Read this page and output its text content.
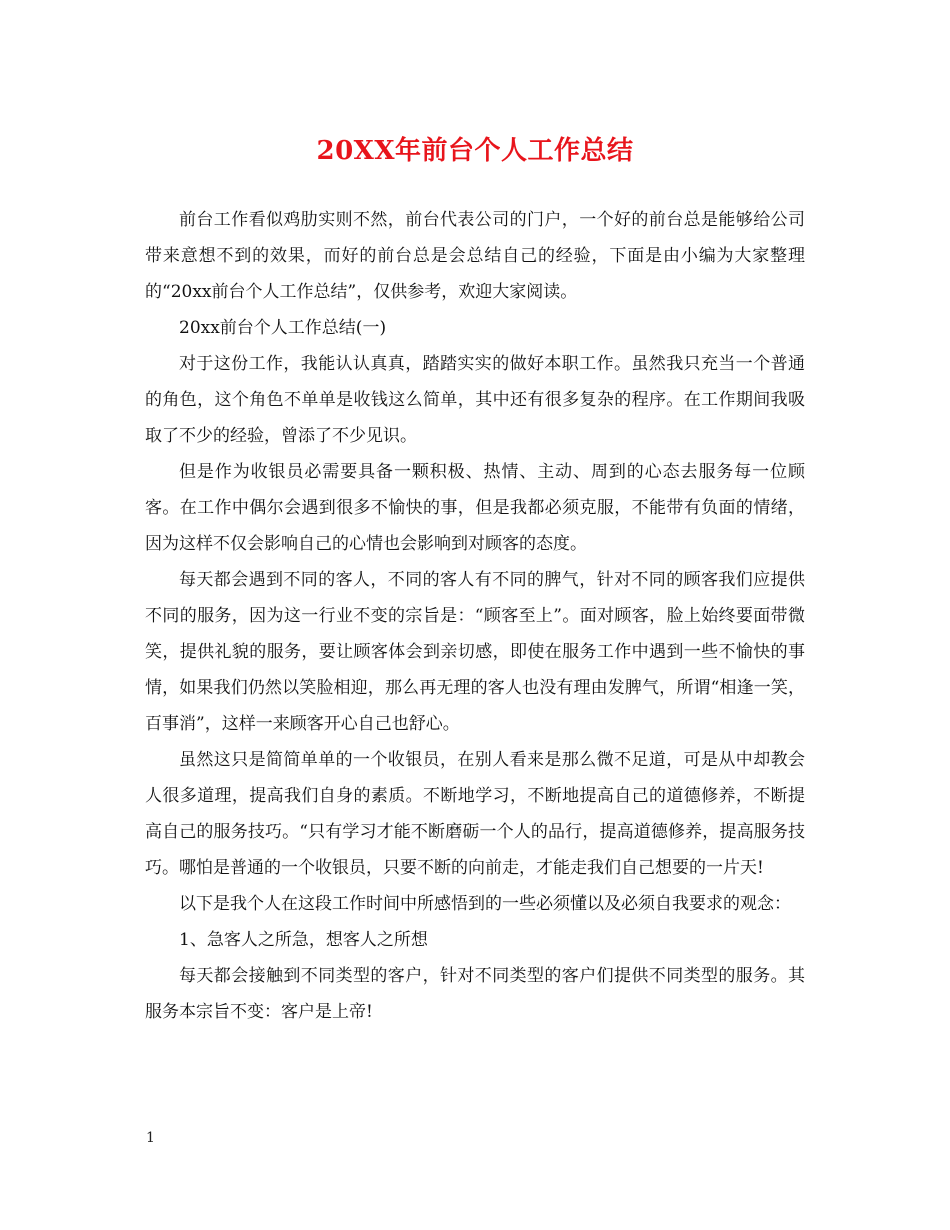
20XX年前台个人工作总结

前台工作看似鸡肋实则不然，前台代表公司的门户，一个好的前台总是能够给公司带来意想不到的效果，而好的前台总是会总结自己的经验，下面是由小编为大家整理的“20xx前台个人工作总结”，仅供参考，欢迎大家阅读。

20xx前台个人工作总结(一)

对于这份工作，我能认认真真，踏踏实实的做好本职工作。虽然我只充当一个普通的角色，这个角色不单单是收钱这么简单，其中还有很多复杂的程序。在工作期间我吸取了不少的经验，曾添了不少见识。

但是作为收银员必需要具备一颗积极、热情、主动、周到的心态去服务每一位顾客。在工作中偶尔会遇到很多不愉快的事，但是我都必须克服，不能带有负面的情绪，因为这样不仅会影响自己的心情也会影响到对顾客的态度。

每天都会遇到不同的客人，不同的客人有不同的脾气，针对不同的顾客我们应提供不同的服务，因为这一行业不变的宗旨是：“顾客至上”。面对顾客，脸上始终要面带微笑，提供礼貌的服务，要让顾客体会到亲切感，即使在服务工作中遇到一些不愉快的事情，如果我们仍然以笑脸相迎，那么再无理的客人也没有理由发脾气，所谓“相逢一笑，百事消”，这样一来顾客开心自己也舒心。

虽然这只是简简单单的一个收银员，在别人看来是那么微不足道，可是从中却教会人很多道理，提高我们自身的素质。不断地学习，不断地提高自己的道德修养，不断提高自己的服务技巧。“只有学习才能不断磨砺一个人的品行，提高道德修养，提高服务技巧。哪怕是普通的一个收银员，只要不断的向前走，才能走我们自己想要的一片天!

以下是我个人在这段工作时间中所感悟到的一些必须懂以及必须自我要求的观念：

1、急客人之所急，想客人之所想

每天都会接触到不同类型的客户，针对不同类型的客户们提供不同类型的服务。其服务本宗旨不变：客户是上帝!

1
